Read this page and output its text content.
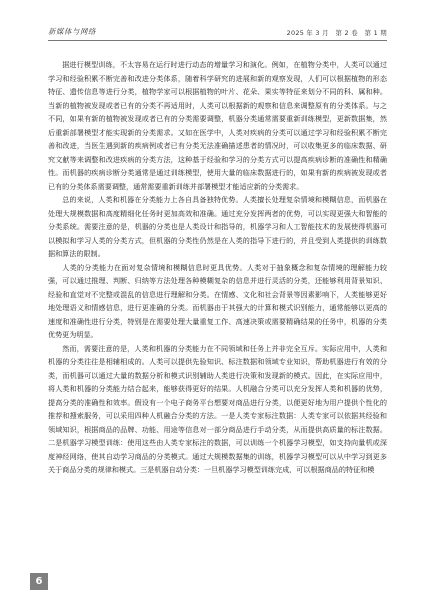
新媒体与网络	2025 年 3 月　第 2 卷　第 1 期

据进行模型训练，不太容易在运行时进行动态的增量学习和演化。例如，在植物分类中，人类可以通过学习和经验积累不断完善和改进分类体系，随着科学研究的进展和新的观察发现，人们可以根据植物的形态特征、遗传信息等进行分类，植物学家可以根据植物的叶片、花朵、果实等特征来划分不同的科、属和种。当新的植物被发现或者已有的分类不再适用时，人类可以根据新的观察和信息来调整原有的分类体系。与之不同，如果有新的植物被发现或者已有的分类需要调整，机器分类通常需要重新训练模型，更新数据集，然后重新部署模型才能实现新的分类需求。又如在医学中，人类对疾病的分类可以通过学习和经验积累不断完善和改进，当医生遇到新的疾病例或者已有分类无法准确描述患者的情况时，可以收集更多的临床数据、研究文献等来调整和改进疾病的分类方法，这种基于经验和学习的分类方式可以提高疾病诊断的准确性和精确性。而机器的疾病诊断分类通常是通过训练模型，使用大量的临床数据进行的，如果有新的疾病被发现或者已有的分类体系需要调整，通常需要重新训练并部署模型才能适应新的分类需求。

总的来说，人类和机器在分类能力上各自具备独特优势。人类擅长处理复杂情境和模糊信息，而机器在处理大规模数据和高度精细化任务时更加高效和准确。通过充分发挥两者的优势，可以实现更强大和智能的分类系统。需要注意的是，机器的分类也是人类设计和指导的，机器学习和人工智能技术的发展使得机器可以模拟和学习人类的分类方式，但机器的分类性仍然是在人类的指导下进行的，并且受到人类提供的训练数据和算法的限制。

人类的分类能力在面对复杂情境和模糊信息时更具优势。人类对于抽象概念和复杂情境的理解能力较强，可以通过推理、判断、归纳等方法处理各种模糊复杂的信息并进行灵活的分类，还能够利用背景知识、经验和直觉对不完整或混乱的信息进行理解和分类。在情感、文化和社会背景等因素影响下，人类能够更好地处理语义和情感信息，进行更准确的分类。而机器由于其强大的计算和模式识别能力，通常能够以更高的速度和准确性进行分类，特别是在需要处理大量重复工作、高速决策或需要精确结果的任务中，机器的分类优势更为明显。

然而，需要注意的是，人类和机器的分类能力在不同领域和任务上并非完全互斥。实际应用中，人类和机器的分类往往是相辅相成的。人类可以提供先验知识、标注数据和领域专业知识，帮助机器进行有效的分类，而机器可以通过大量的数据分析和模式识别辅助人类进行决策和发现新的模式。因此，在实际应用中，将人类和机器的分类能力结合起来，能够获得更好的结果。人机融合分类可以充分发挥人类和机器的优势，提高分类的准确性和效率。假设有一个电子商务平台想要对商品进行分类，以便更好地为用户提供个性化的推荐和搜索服务，可以采用四种人机融合分类的方法。一是人类专家标注数据：人类专家可以依据其经验和领域知识，根据商品的品牌、功能、用途等信息对一部分商品进行手动分类，从而提供高质量的标注数据。二是机器学习模型训练：使用这些由人类专家标注的数据，可以训练一个机器学习模型，如支持向量机或深度神经网络，使其自动学习商品的分类模式。通过大规模数据集的训练，机器学习模型可以从中学习到更多关于商品分类的规律和模式。三是机器自动分类：一旦机器学习模型训练完成，可以根据商品的特征和模

6
